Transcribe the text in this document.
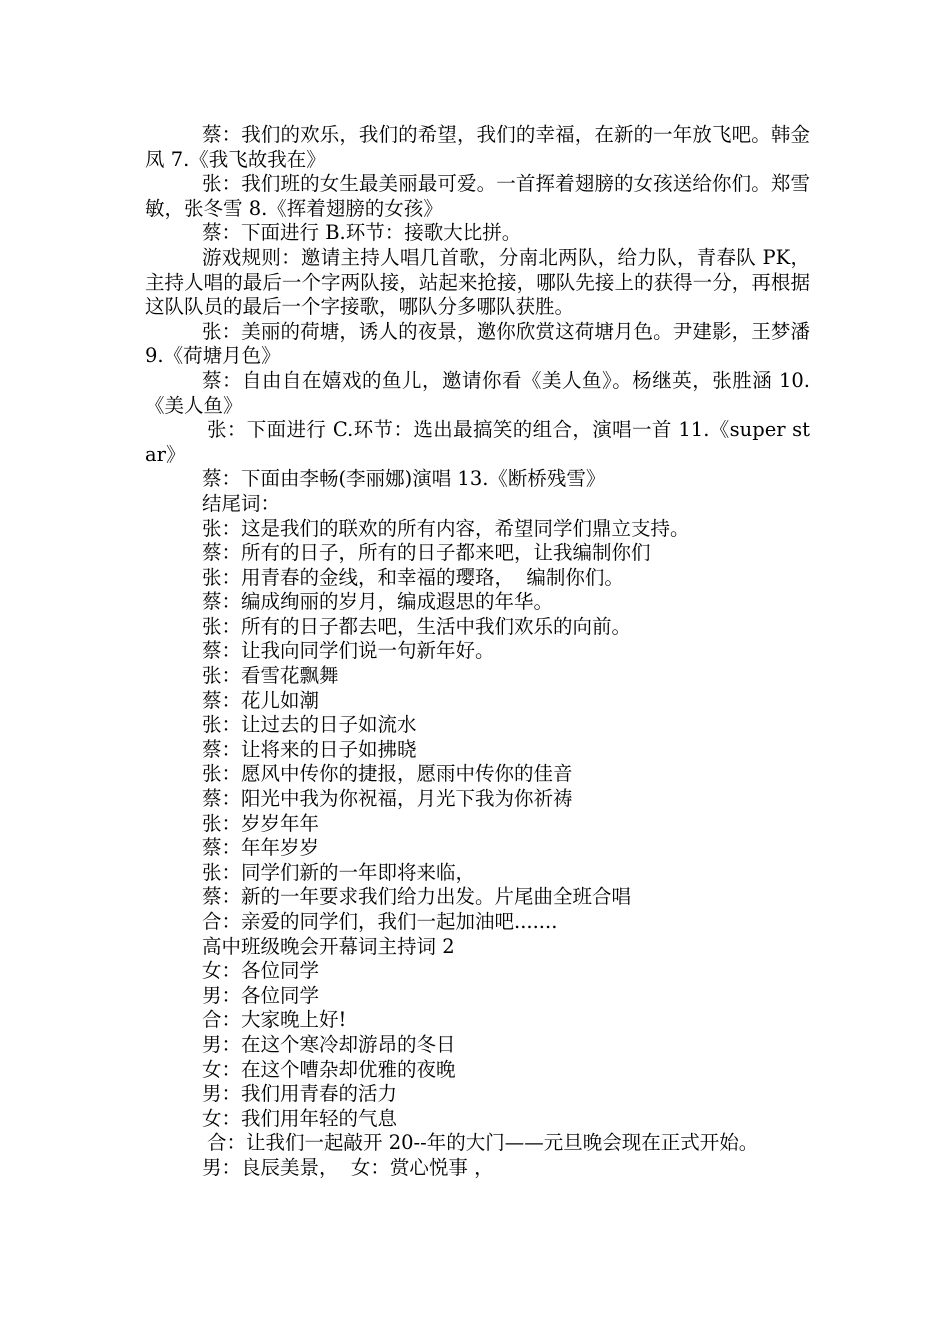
蔡：我们的欢乐，我们的希望，我们的幸福，在新的一年放飞吧。韩金凤 7.《我飞故我在》

张：我们班的女生最美丽最可爱。一首挥着翅膀的女孩送给你们。郑雪敏，张冬雪 8.《挥着翅膀的女孩》

蔡：下面进行 B.环节：接歌大比拼。

游戏规则：邀请主持人唱几首歌，分南北两队，给力队，青春队 PK，主持人唱的最后一个字两队接，站起来抢接，哪队先接上的获得一分，再根据这队队员的最后一个字接歌，哪队分多哪队获胜。

张：美丽的荷塘，诱人的夜景，邀你欣赏这荷塘月色。尹建影，王梦潘 9.《荷塘月色》

蔡：自由自在嬉戏的鱼儿，邀请你看《美人鱼》。杨继英，张胜涵 10.《美人鱼》

张：下面进行 C.环节：选出最搞笑的组合，演唱一首 11.《super star》

蔡：下面由李畅(李丽娜)演唱 13.《断桥残雪》

结尾词：

张：这是我们的联欢的所有内容，希望同学们鼎立支持。

蔡：所有的日子，所有的日子都来吧，让我编制你们

张：用青春的金线，和幸福的璎珞，  编制你们。

蔡：编成绚丽的岁月，编成遐思的年华。

张：所有的日子都去吧，生活中我们欢乐的向前。

蔡：让我向同学们说一句新年好。

张：看雪花飘舞

蔡：花儿如潮

张：让过去的日子如流水

蔡：让将来的日子如拂晓

张：愿风中传你的捷报，愿雨中传你的佳音

蔡：阳光中我为你祝福，月光下我为你祈祷

张：岁岁年年

蔡：年年岁岁

张：同学们新的一年即将来临，

蔡：新的一年要求我们给力出发。片尾曲全班合唱

合：亲爱的同学们，我们一起加油吧.......

高中班级晚会开幕词主持词 2

女：各位同学

男：各位同学

合：大家晚上好!

男：在这个寒冷却游昂的冬日

女：在这个嘈杂却优雅的夜晚

男：我们用青春的活力

女：我们用年轻的气息

合：让我们一起敲开 20--年的大门——元旦晚会现在正式开始。

男：良辰美景，  女：赏心悦事 ，
